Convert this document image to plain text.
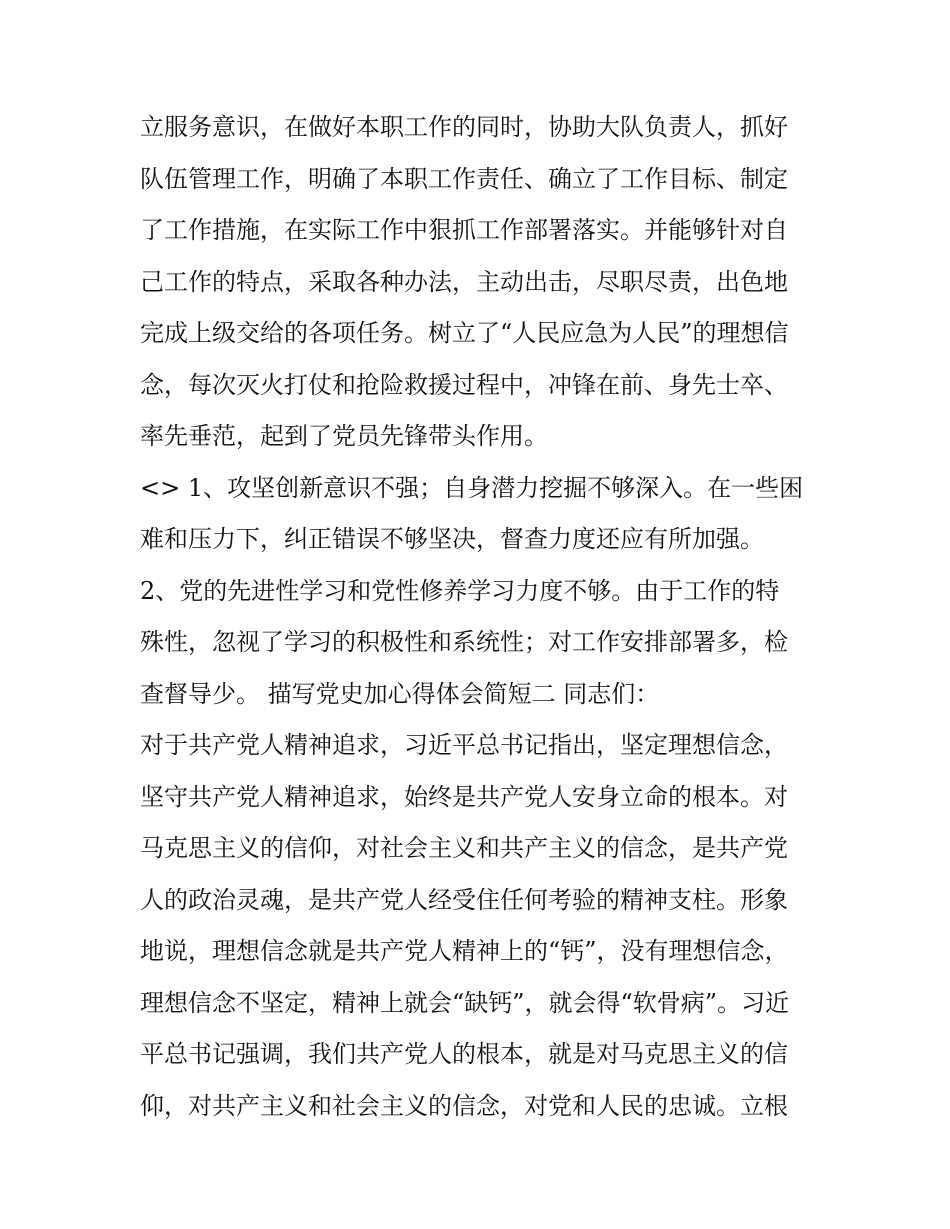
立服务意识，在做好本职工作的同时，协助大队负责人，抓好
队伍管理工作，明确了本职工作责任、确立了工作目标、制定
了工作措施，在实际工作中狠抓工作部署落实。并能够针对自
己工作的特点，采取各种办法，主动出击，尽职尽责，出色地
完成上级交给的各项任务。树立了“人民应急为人民”的理想信
念，每次灭火打仗和抢险救援过程中，冲锋在前、身先士卒、
率先垂范，起到了党员先锋带头作用。
<> 1、攻坚创新意识不强；自身潜力挖掘不够深入。在一些困
难和压力下，纠正错误不够坚决，督查力度还应有所加强。
2、党的先进性学习和党性修养学习力度不够。由于工作的特
殊性，忽视了学习的积极性和系统性；对工作安排部署多，检
查督导少。 描写党史加心得体会简短二 同志们：
对于共产党人精神追求，习近平总书记指出，坚定理想信念，
坚守共产党人精神追求，始终是共产党人安身立命的根本。对
马克思主义的信仰，对社会主义和共产主义的信念，是共产党
人的政治灵魂，是共产党人经受住任何考验的精神支柱。形象
地说，理想信念就是共产党人精神上的“钙”，没有理想信念，
理想信念不坚定，精神上就会“缺钙”，就会得“软骨病”。习近
平总书记强调，我们共产党人的根本，就是对马克思主义的信
仰，对共产主义和社会主义的信念，对党和人民的忠诚。立根
